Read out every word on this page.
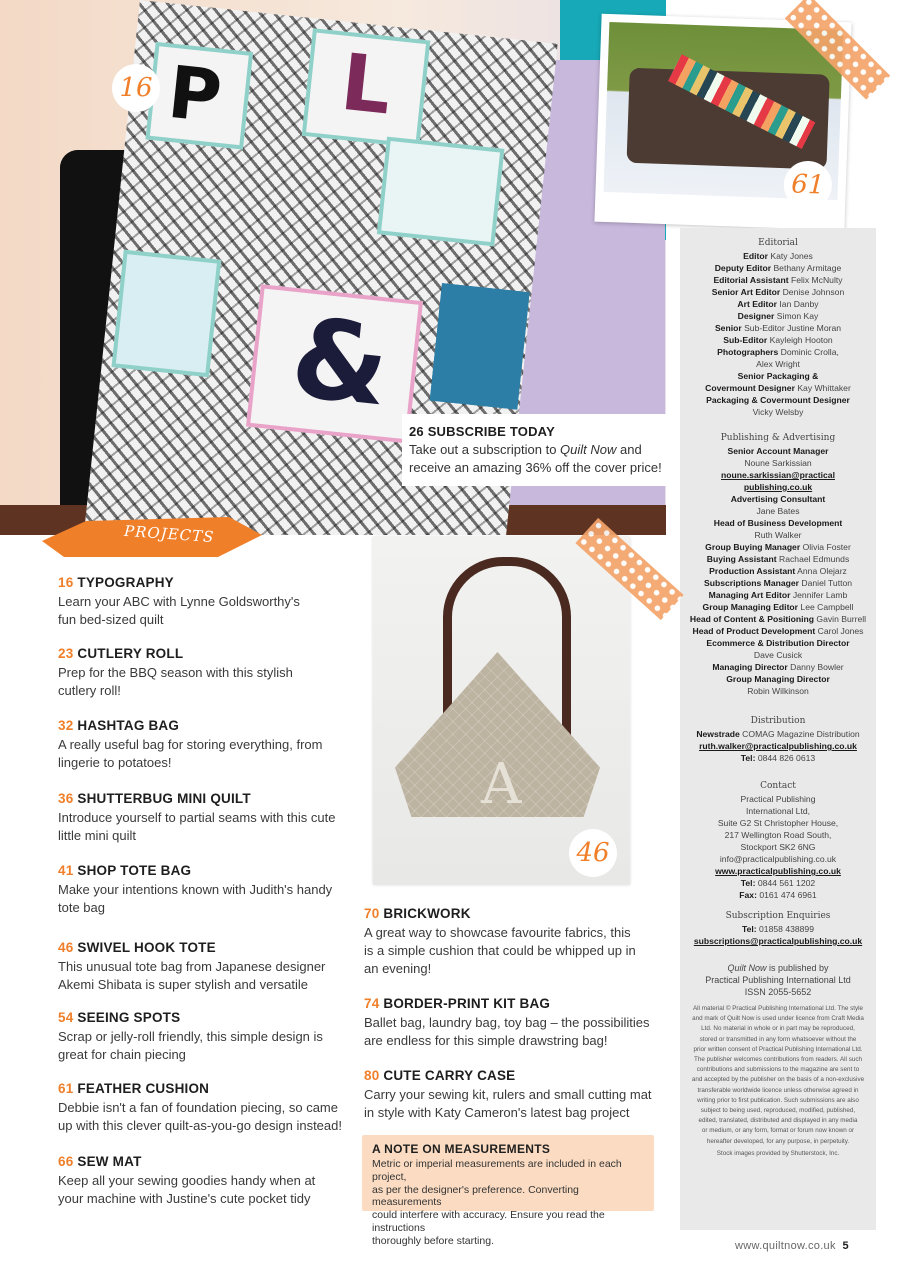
P L
&
16
26 SUBSCRIBE TODAY
Take out a subscription to Quilt Now and
receive an amazing 36% off the cover price!
61
Editorial
Editor Katy Jones
Deputy Editor Bethany Armitage
Editorial Assistant Felix McNulty
Senior Art Editor Denise Johnson
Art Editor Ian Danby
Designer Simon Kay
Senior Sub-Editor Justine Moran
Sub-Editor Kayleigh Hooton
Photographers Dominic Crolla,
Alex Wright
Senior Packaging &
Covermount Designer Kay Whittaker
Packaging & Covermount Designer
Vicky Welsby
Publishing & Advertising
Senior Account Manager
Noune Sarkissian
noune.sarkissian@practical
publishing.co.uk
Advertising Consultant
Jane Bates
Head of Business Development
Ruth Walker
Group Buying Manager Olivia Foster
Buying Assistant Rachael Edmunds
Production Assistant Anna Olejarz
Subscriptions Manager Daniel Tutton
Managing Art Editor Jennifer Lamb
Group Managing Editor Lee Campbell
Head of Content & Positioning Gavin Burrell
Head of Product Development Carol Jones
Ecommerce & Distribution Director
Dave Cusick
Managing Director Danny Bowler
Group Managing Director
Robin Wilkinson
Distribution
Newstrade COMAG Magazine Distribution
ruth.walker@practicalpublishing.co.uk
Tel: 0844 826 0613
Contact
Practical Publishing
International Ltd,
Suite G2 St Christopher House,
217 Wellington Road South,
Stockport SK2 6NG
info@practicalpublishing.co.uk
www.practicalpublishing.co.uk
Tel: 0844 561 1202
Fax: 0161 474 6961
Subscription Enquiries
Tel: 01858 438899
subscriptions@practicalpublishing.co.uk
Quilt Now is published by
Practical Publishing International Ltd
ISSN 2055-5652
All material © Practical Publishing International Ltd. The style
and mark of Quilt Now is used under licence from Craft Media
Ltd. No material in whole or in part may be reproduced,
stored or transmitted in any form whatsoever without the
prior written consent of Practical Publishing International Ltd.
The publisher welcomes contributions from readers. All such
contributions and submissions to the magazine are sent to
and accepted by the publisher on the basis of a non-exclusive
transferable worldwide licence unless otherwise agreed in
writing prior to first publication. Such submissions are also
subject to being used, reproduced, modified, published,
edited, translated, distributed and displayed in any media
or medium, or any form, format or forum now known or
hereafter developed, for any purpose, in perpetuity.
Stock images provided by Shutterstock, Inc.
PROJECTS
A
46
16 TYPOGRAPHY
Learn your ABC with Lynne Goldsworthy's
fun bed-sized quilt
23 CUTLERY ROLL
Prep for the BBQ season with this stylish
cutlery roll!
32 HASHTAG BAG
A really useful bag for storing everything, from
lingerie to potatoes!
36 SHUTTERBUG MINI QUILT
Introduce yourself to partial seams with this cute
little mini quilt
41 SHOP TOTE BAG
Make your intentions known with Judith's handy
tote bag
46 SWIVEL HOOK TOTE
This unusual tote bag from Japanese designer
Akemi Shibata is super stylish and versatile
54 SEEING SPOTS
Scrap or jelly-roll friendly, this simple design is
great for chain piecing
61 FEATHER CUSHION
Debbie isn't a fan of foundation piecing, so came
up with this clever quilt-as-you-go design instead!
66 SEW MAT
Keep all your sewing goodies handy when at
your machine with Justine's cute pocket tidy
70 BRICKWORK
A great way to showcase favourite fabrics, this
is a simple cushion that could be whipped up in
an evening!
74 BORDER-PRINT KIT BAG
Ballet bag, laundry bag, toy bag – the possibilities
are endless for this simple drawstring bag!
80 CUTE CARRY CASE
Carry your sewing kit, rulers and small cutting mat
in style with Katy Cameron's latest bag project
A NOTE ON MEASUREMENTS
Metric or imperial measurements are included in each project,
as per the designer's preference. Converting measurements
could interfere with accuracy. Ensure you read the instructions
thoroughly before starting.	www.quiltnow.co.uk 5
